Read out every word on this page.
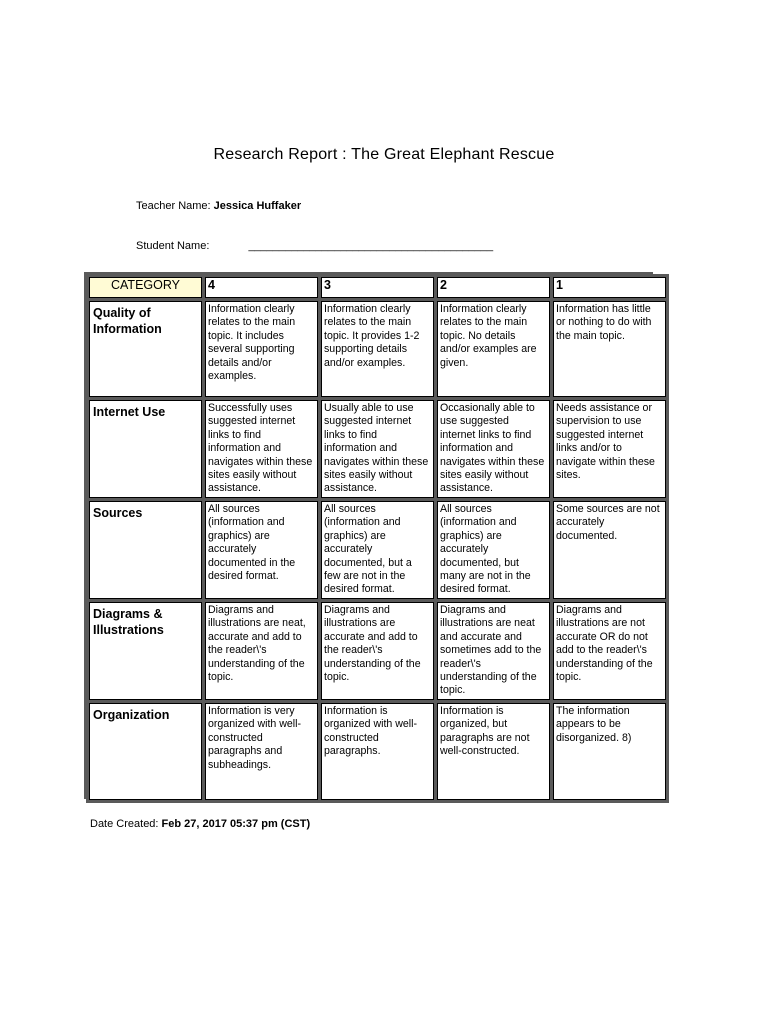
Research Report : The Great Elephant Rescue
Teacher Name: Jessica Huffaker
Student Name:	________________________________________
CATEGORY	4	3	2	1
Quality of Information	Information clearly relates to the main topic. It includes several supporting details and/or examples.	Information clearly relates to the main topic. It provides 1-2 supporting details and/or examples.	Information clearly relates to the main topic. No details and/or examples are given.	Information has little or nothing to do with the main topic.
Internet Use	Successfully uses suggested internet links to find information and navigates within these sites easily without assistance.	Usually able to use suggested internet links to find information and navigates within these sites easily without assistance.	Occasionally able to use suggested internet links to find information and navigates within these sites easily without assistance.	Needs assistance or supervision to use suggested internet links and/or to navigate within these sites.
Sources	All sources (information and graphics) are accurately documented in the desired format.	All sources (information and graphics) are accurately documented, but a few are not in the desired format.	All sources (information and graphics) are accurately documented, but many are not in the desired format.	Some sources are not accurately documented.
Diagrams & Illustrations	Diagrams and illustrations are neat, accurate and add to the reader\'s understanding of the topic.	Diagrams and illustrations are accurate and add to the reader\'s understanding of the topic.	Diagrams and illustrations are neat and accurate and sometimes add to the reader\'s understanding of the topic.	Diagrams and illustrations are not accurate OR do not add to the reader\'s understanding of the topic.
Organization	Information is very organized with well-constructed paragraphs and subheadings.	Information is organized with well-constructed paragraphs.	Information is organized, but paragraphs are not well-constructed.	The information appears to be disorganized. 8)
Date Created: Feb 27, 2017 05:37 pm (CST)
